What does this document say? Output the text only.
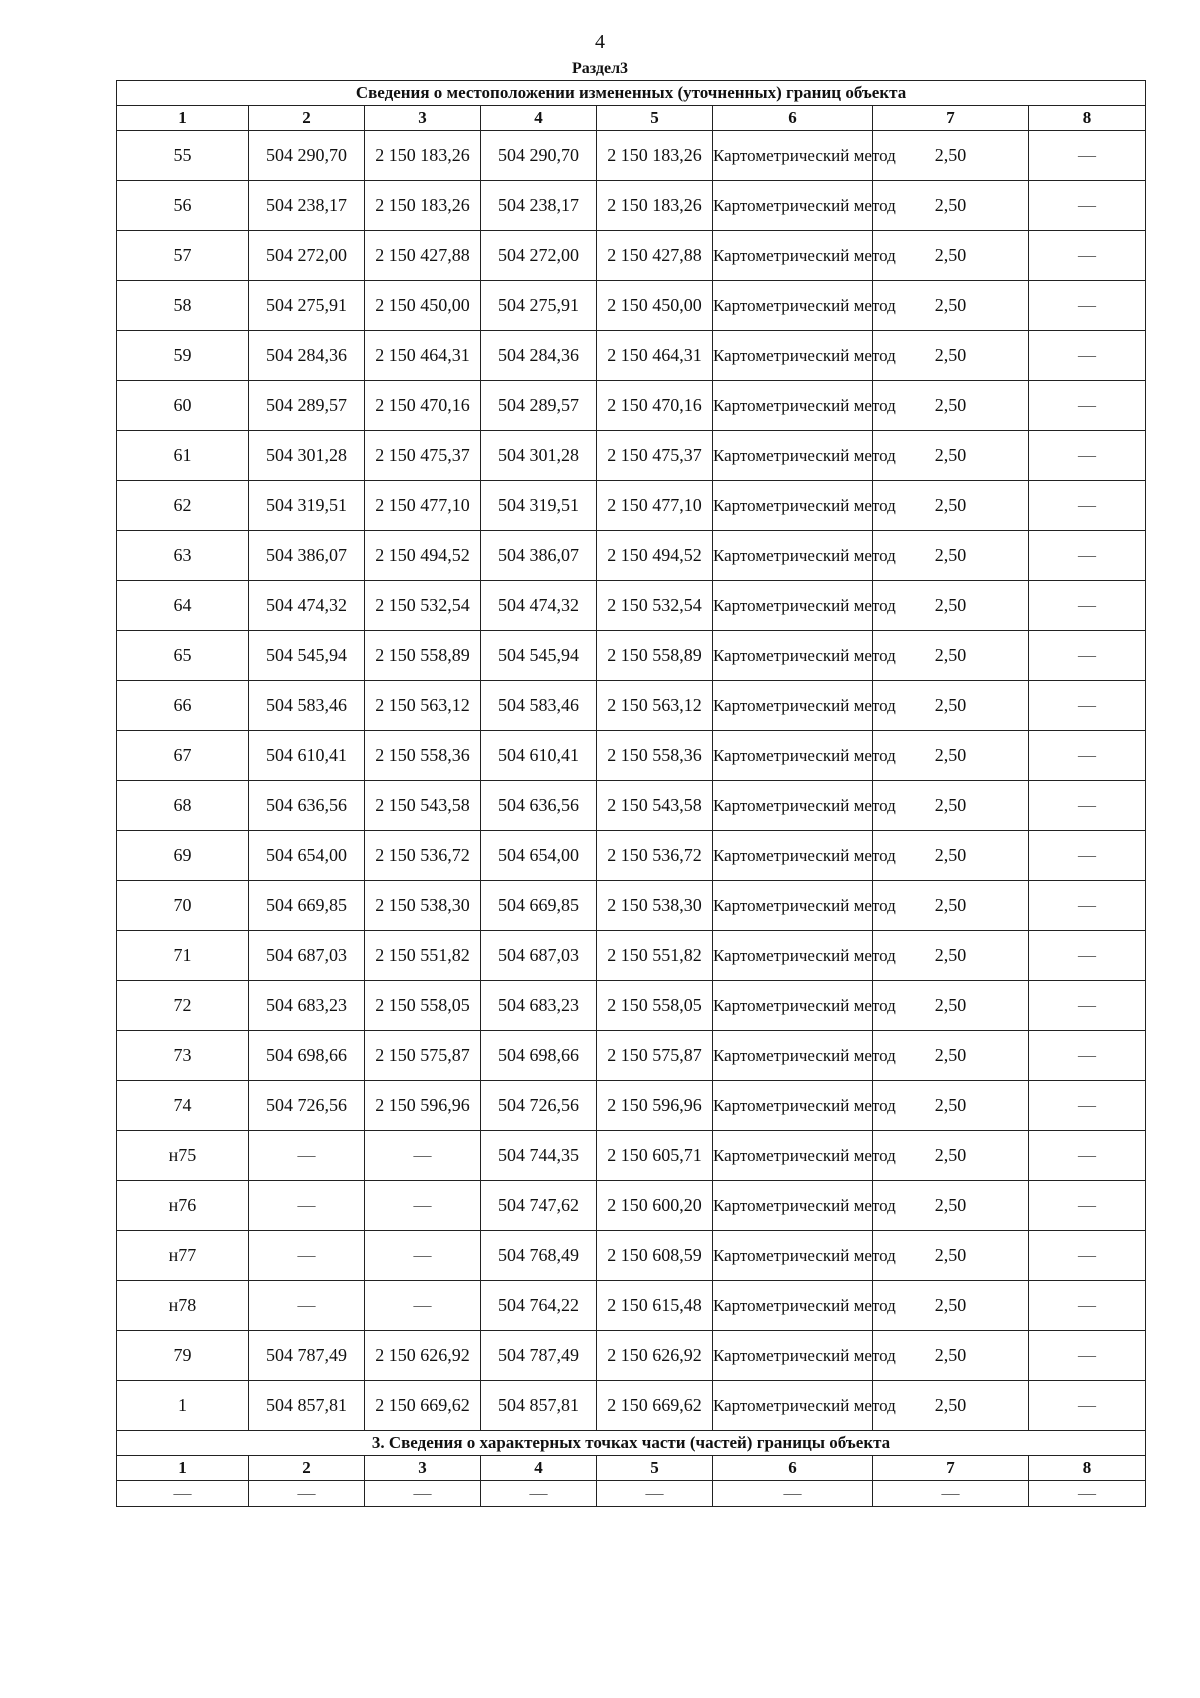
4
Раздел3
Сведения о местоположении измененных (уточненных) границ объекта							
1	2	3	4	5	6	7	8
55	504 290,70	2 150 183,26	504 290,70	2 150 183,26	Картометрический метод	2,50	—
56	504 238,17	2 150 183,26	504 238,17	2 150 183,26	Картометрический метод	2,50	—
57	504 272,00	2 150 427,88	504 272,00	2 150 427,88	Картометрический метод	2,50	—
58	504 275,91	2 150 450,00	504 275,91	2 150 450,00	Картометрический метод	2,50	—
59	504 284,36	2 150 464,31	504 284,36	2 150 464,31	Картометрический метод	2,50	—
60	504 289,57	2 150 470,16	504 289,57	2 150 470,16	Картометрический метод	2,50	—
61	504 301,28	2 150 475,37	504 301,28	2 150 475,37	Картометрический метод	2,50	—
62	504 319,51	2 150 477,10	504 319,51	2 150 477,10	Картометрический метод	2,50	—
63	504 386,07	2 150 494,52	504 386,07	2 150 494,52	Картометрический метод	2,50	—
64	504 474,32	2 150 532,54	504 474,32	2 150 532,54	Картометрический метод	2,50	—
65	504 545,94	2 150 558,89	504 545,94	2 150 558,89	Картометрический метод	2,50	—
66	504 583,46	2 150 563,12	504 583,46	2 150 563,12	Картометрический метод	2,50	—
67	504 610,41	2 150 558,36	504 610,41	2 150 558,36	Картометрический метод	2,50	—
68	504 636,56	2 150 543,58	504 636,56	2 150 543,58	Картометрический метод	2,50	—
69	504 654,00	2 150 536,72	504 654,00	2 150 536,72	Картометрический метод	2,50	—
70	504 669,85	2 150 538,30	504 669,85	2 150 538,30	Картометрический метод	2,50	—
71	504 687,03	2 150 551,82	504 687,03	2 150 551,82	Картометрический метод	2,50	—
72	504 683,23	2 150 558,05	504 683,23	2 150 558,05	Картометрический метод	2,50	—
73	504 698,66	2 150 575,87	504 698,66	2 150 575,87	Картометрический метод	2,50	—
74	504 726,56	2 150 596,96	504 726,56	2 150 596,96	Картометрический метод	2,50	—
н75	—	—	504 744,35	2 150 605,71	Картометрический метод	2,50	—
н76	—	—	504 747,62	2 150 600,20	Картометрический метод	2,50	—
н77	—	—	504 768,49	2 150 608,59	Картометрический метод	2,50	—
н78	—	—	504 764,22	2 150 615,48	Картометрический метод	2,50	—
79	504 787,49	2 150 626,92	504 787,49	2 150 626,92	Картометрический метод	2,50	—
1	504 857,81	2 150 669,62	504 857,81	2 150 669,62	Картометрический метод	2,50	—
3. Сведения о характерных точках части (частей) границы объекта							
1	2	3	4	5	6	7	8
—	—	—	—	—	—	—	—
